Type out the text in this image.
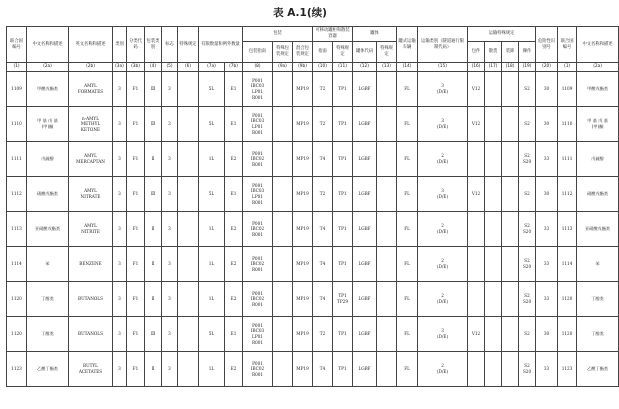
表 A.1(续)
联合国编号	中文名称和描述	英文名称和描述	类别	分类代码	包装类别	标志	特殊规定	有限数量和例外数量		包装			可移动罐柜和散装容器		罐体		罐式运输车辆	运输类别（隧道通行限制代码）	运输特殊规定				危险性识别号	联合国编号	中文名称和描述
										包装指南	特殊包装规定	混合包装规定	指南	特殊规定	罐体代码	特殊规定			包件	散货	装卸	操作			
(1)	(2a)	(2b)	(3a)	(3b)	(4)	(5)	(6)	(7a)	(7b)	(8)	(9a)	(9b)	(10)	(11)	(12)	(13)	(14)	(15)	(16)	(17)	(18)	(19)	(20)	(1)	(2a)
1109	甲酸戊酯类	AMYL
FORMATES	3	F1	Ⅲ	3		5L	E1	P001
IBC03
LP01
R001		MP19	T2	TP1	LGBF		FL	3
(D/E)	V12			S2	30	1109	甲酸戊酯类
1110	甲 基 戊 基
(甲)酮	n-AMYL
METHYL
KETONE	3	F1	Ⅲ	3		5L	E1	P001
IBC03
LP01
R001		MP19	T2	TP1	LGBF		FL	3
(D/E)	V12			S2	30	1110	甲 基 戊 基
(甲)酮
1111	戊硫醇	AMYL
MERCAPTAN	3	F1	Ⅱ	3		1L	E2	P001
IBC02
R001		MP19	T4	TP1	LGBF		FL	2
(D/E)				S2
S20	33	1111	戊硫醇
1112	硝酸戊酯类	AMYL
NITRATE	3	F1	Ⅲ	3		5L	E1	P001
IBC03
LP01
R001		MP19	T2	TP1	LGBF		FL	3
(D/E)	V12			S2	30	1112	硝酸戊酯类
1113	亚硝酸戊酯类	AMYL
NITRITE	3	F1	Ⅱ	3		1L	E2	P001
IBC02
R001		MP19	T4	TP1	LGBF		FL	2
(D/E)				S2
S20	33	1113	亚硝酸戊酯类
1114	苯	BENZENE	3	F1	Ⅱ	3		1L	E2	P001
IBC02
R001		MP19	T4	TP1	LGBF		FL	2
(D/E)				S2
S20	33	1114	苯
1120	丁醇类	BUTANOLS	3	F1	Ⅱ	3		1L	E2	P001
IBC02
R001		MP19	T4	TP1
TP29	LGBF		FL	2
(D/E)				S2
S20	33	1120	丁醇类
1120	丁醇类	BUTANOLS	3	F1	Ⅲ	3		5L	E1	P001
IBC03
LP01
R001		MP19	T2	TP1	LGBF		FL	3
(D/E)	V12			S2	30	1120	丁醇类
1123	乙酸丁酯类	BUTYL
ACETATES	3	F1	Ⅱ	3		1L	E2	P001
IBC02
R001		MP19	T4	TP1	LGBF		FL	2
(D/E)				S2
S20	33	1123	乙酸丁酯类
